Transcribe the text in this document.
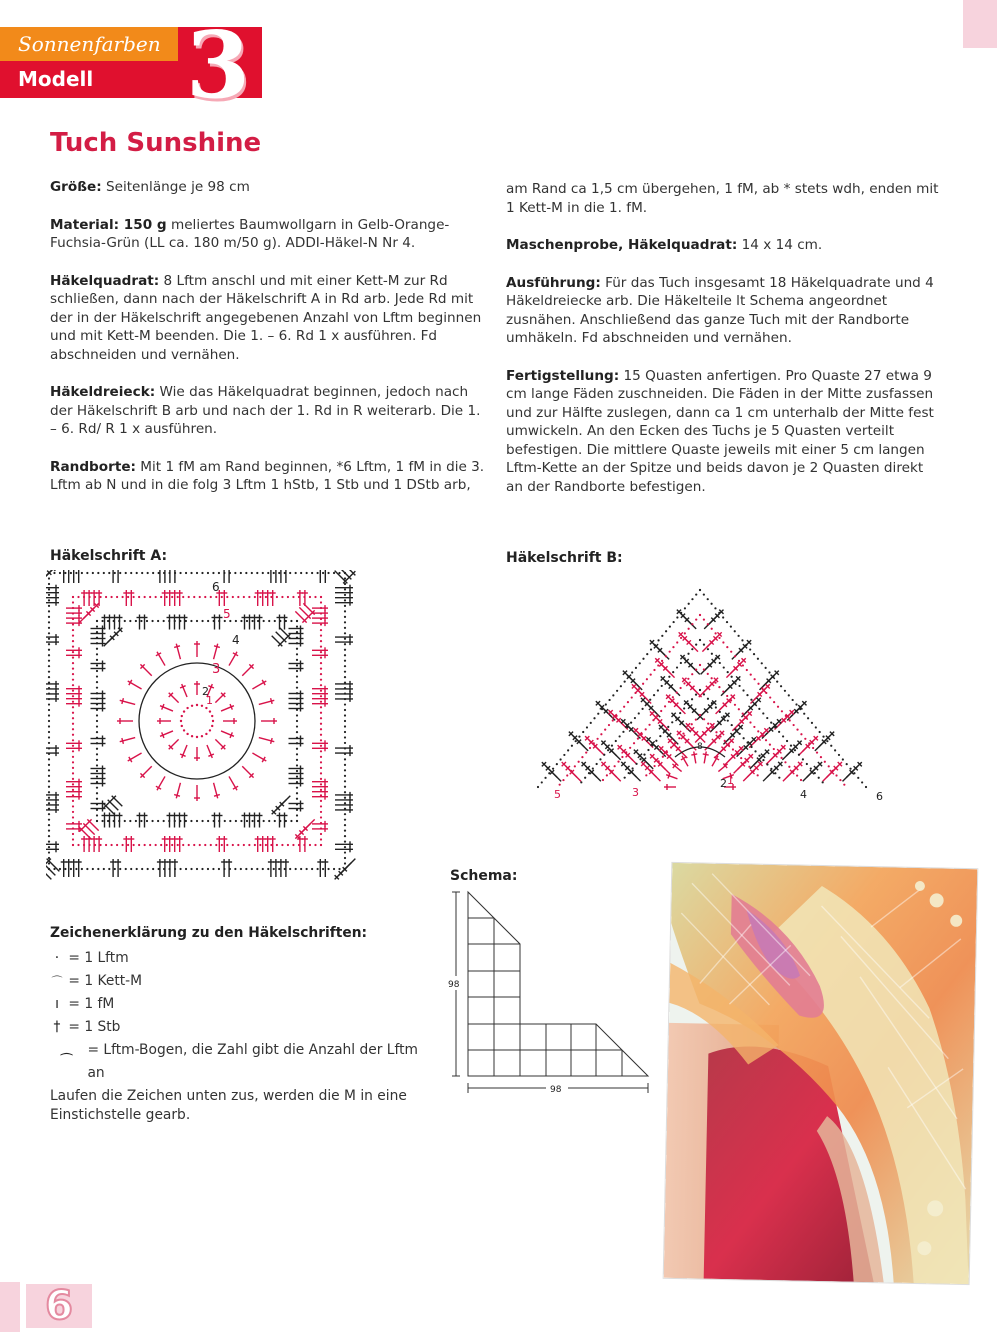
Sonnenfarben
Modell 3
Tuch Sunshine

Größe: Seitenlänge je 98 cm

Material: 150 g meliertes Baumwollgarn in Gelb-Orange-Fuchsia-Grün (LL ca. 180 m/50 g). ADDI-Häkel-N Nr 4.

Häkelquadrat: 8 Lftm anschl und mit einer Kett-M zur Rd schließen, dann nach der Häkelschrift A in Rd arb. Jede Rd mit der in der Häkelschrift angegebenen Anzahl von Lftm beginnen und mit Kett-M beenden. Die 1. – 6. Rd 1 x ausführen. Fd abschneiden und vernähen.

Häkeldreieck: Wie das Häkelquadrat beginnen, jedoch nach der Häkelschrift B arb und nach der 1. Rd in R weiterarb. Die 1. – 6. Rd/ R 1 x ausführen.

Randborte: Mit 1 fM am Rand beginnen, *6 Lftm, 1 fM in die 3. Lftm ab N und in die folg 3 Lftm 1 hStb, 1 Stb und 1 DStb arb,

am Rand ca 1,5 cm übergehen, 1 fM, ab * stets wdh, enden mit 1 Kett-M in die 1. fM.

Maschenprobe, Häkelquadrat: 14 x 14 cm.

Ausführung: Für das Tuch insgesamt 18 Häkelquadrate und 4 Häkeldreiecke arb. Die Häkelteile lt Schema angeordnet zusnähen. Anschließend das ganze Tuch mit der Randborte umhäkeln. Fd abschneiden und vernähen.

Fertigstellung: 15 Quasten anfertigen. Pro Quaste 27 etwa 9 cm lange Fäden zuschneiden. Die Fäden in der Mitte zusfassen und zur Hälfte zuslegen, dann ca 1 cm unterhalb der Mitte fest umwickeln. An den Ecken des Tuchs je 5 Quasten verteilt befestigen. Die mittlere Quaste jeweils mit einer 5 cm langen Lftm-Kette an der Spitze und beids davon je 2 Quasten direkt an der Randborte befestigen.

Häkelschrift A:	Häkelschrift B:
Schema:
6
5
4
3
2
1
8
1
2
3	4
5	6
98
98
Zeichenerklärung zu den Häkelschriften:
·
= 1 Lftm
⌒
= 1 Kett-M
ı
= 1 fM
†
= 1 Stb
⁀

= Lftm-Bogen, die Zahl gibt die Anzahl der Lftm an
Laufen die Zeichen unten zus, werden die M in eine Einstichstelle gearb.
6
